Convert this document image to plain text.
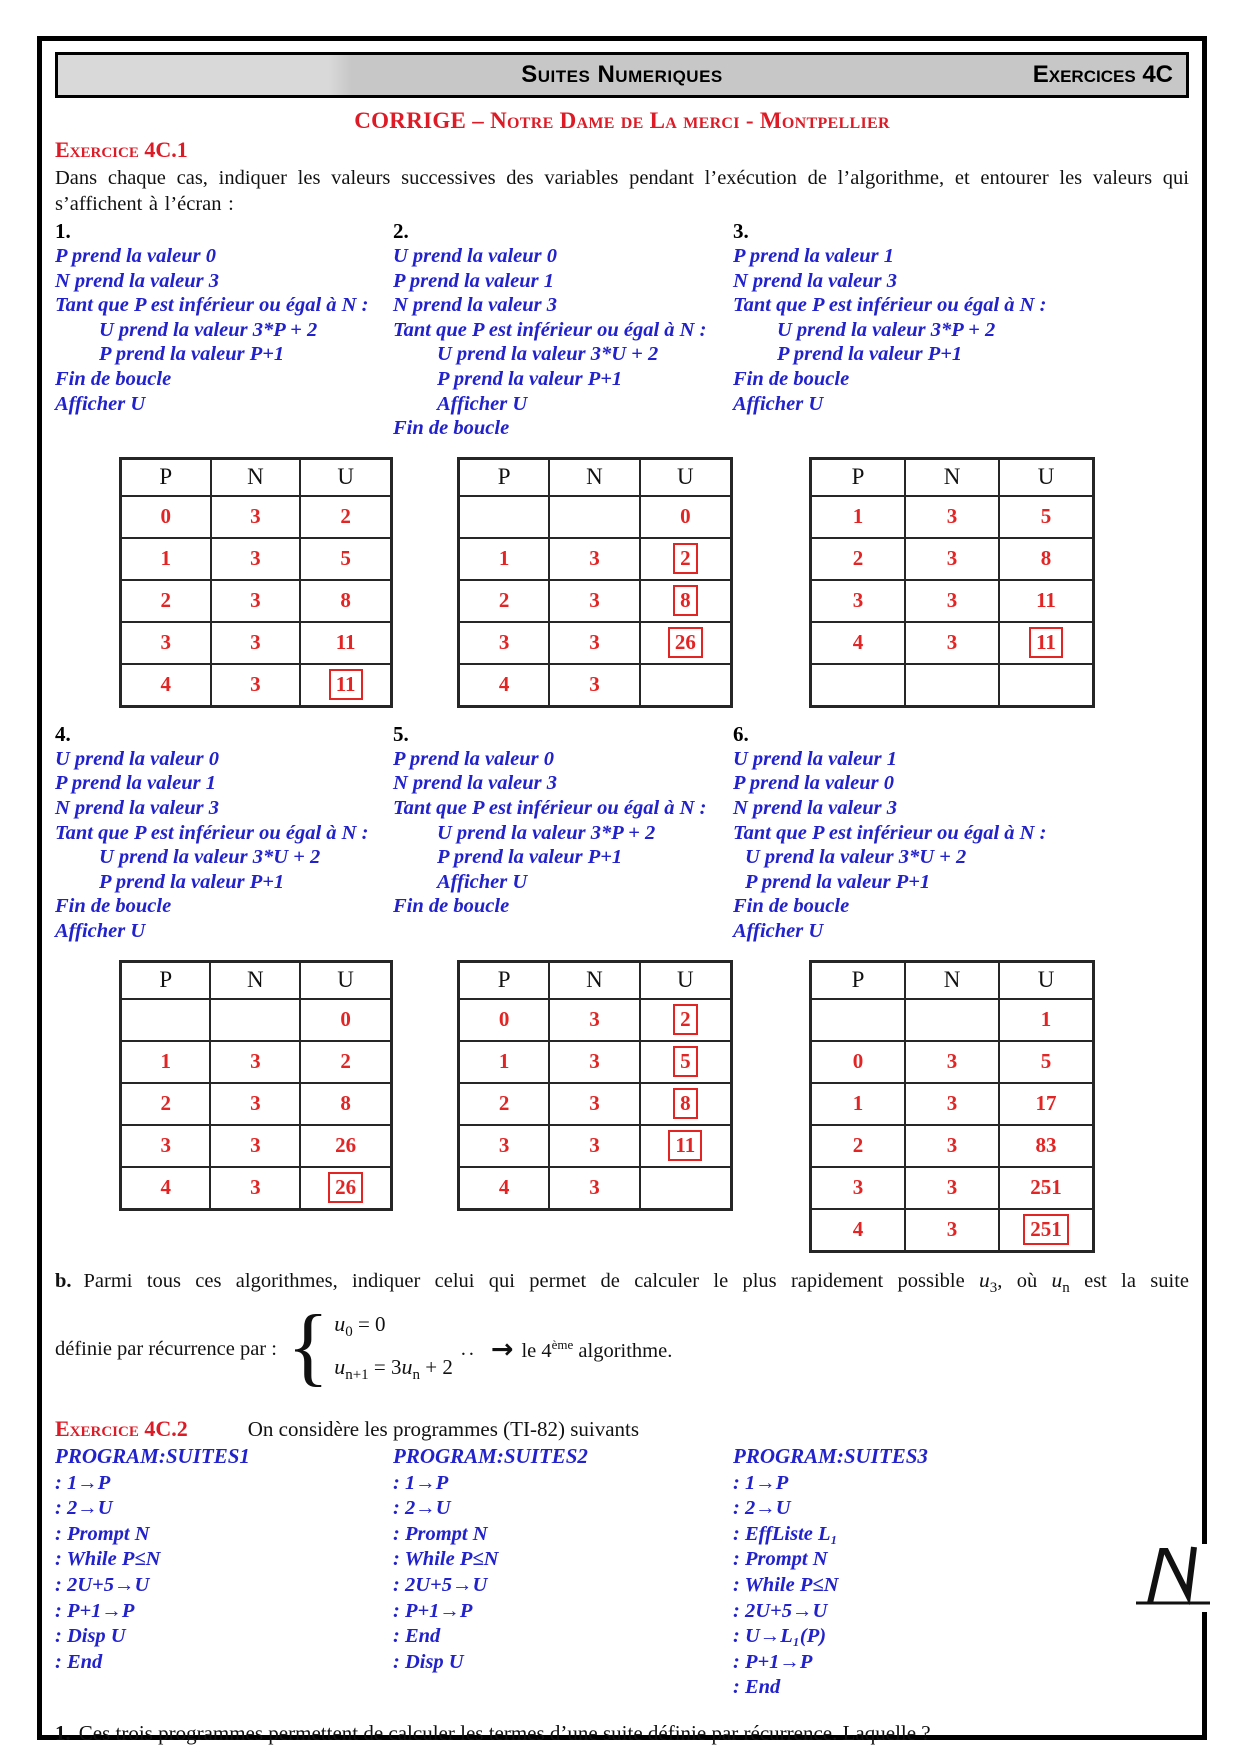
Suites Numeriques	Exercices 4C
CORRIGE – Notre Dame de La merci - Montpellier
Exercice 4C.1

Dans chaque cas, indiquer les valeurs successives des variables pendant l’exécution de l’algorithme, et entourer les valeurs qui s’affichent à l’écran :

1.
P prend la valeur 0
N prend la valeur 3
Tant que P est inférieur ou égal à N :
U prend la valeur 3*P + 2
P prend la valeur P+1
Fin de boucle
Afficher U
2.
U prend la valeur 0
P prend la valeur 1
N prend la valeur 3
Tant que P est inférieur ou égal à N :
U prend la valeur 3*U + 2
P prend la valeur P+1
Afficher U
Fin de boucle
3.
P prend la valeur 1
N prend la valeur 3
Tant que P est inférieur ou égal à N :
U prend la valeur 3*P + 2
P prend la valeur P+1
Fin de boucle
Afficher U
P	N	U
0	3	2
1	3	5
2	3	8
3	3	11
4	3	11
P	N	U
		0
1	3	2
2	3	8
3	3	26
4	3	
P	N	U
1	3	5
2	3	8
3	3	11
4	3	11

4.
U prend la valeur 0
P prend la valeur 1
N prend la valeur 3
Tant que P est inférieur ou égal à N :
U prend la valeur 3*U + 2
P prend la valeur P+1
Fin de boucle
Afficher U
5.
P prend la valeur 0
N prend la valeur 3
Tant que P est inférieur ou égal à N :
U prend la valeur 3*P + 2
P prend la valeur P+1
Afficher U
Fin de boucle
6.
U prend la valeur 1
P prend la valeur 0
N prend la valeur 3
Tant que P est inférieur ou égal à N :
U prend la valeur 3*U + 2
P prend la valeur P+1
Fin de boucle
Afficher U
P	N	U
		0
1	3	2
2	3	8
3	3	26
4	3	26
P	N	U
0	3	2
1	3	5
2	3	8
3	3	11
4	3	
P	N	U
		1
0	3	5
1	3	17
2	3	83
3	3	251
4	3	251

b. Parmi tous ces algorithmes, indiquer celui qui permet de calculer le plus rapidement possible $u_3$, où $u_n$ est la suite

définie par récurrence par : { $u_0 = 0$
$u_{n+1} = 3u_n + 2$
.. → le 4ème algorithme.
Exercice 4C.2	On considère les programmes (TI-82) suivants
PROGRAM:SUITES1
: 1→P
: 2→U
: Prompt N
: While P≤N
: 2U+5→U
: P+1→P
: Disp U
: End
PROGRAM:SUITES2
: 1→P
: 2→U
: Prompt N
: While P≤N
: 2U+5→U
: P+1→P
: End
: Disp U
PROGRAM:SUITES3
: 1→P
: 2→U
: EffListe L₁
: Prompt N
: While P≤N
: 2U+5→U
: U→L₁(P)
: P+1→P
: End

1. Ces trois programmes permettent de calculer les termes d’une suite définie par récurrence. Laquelle ?
